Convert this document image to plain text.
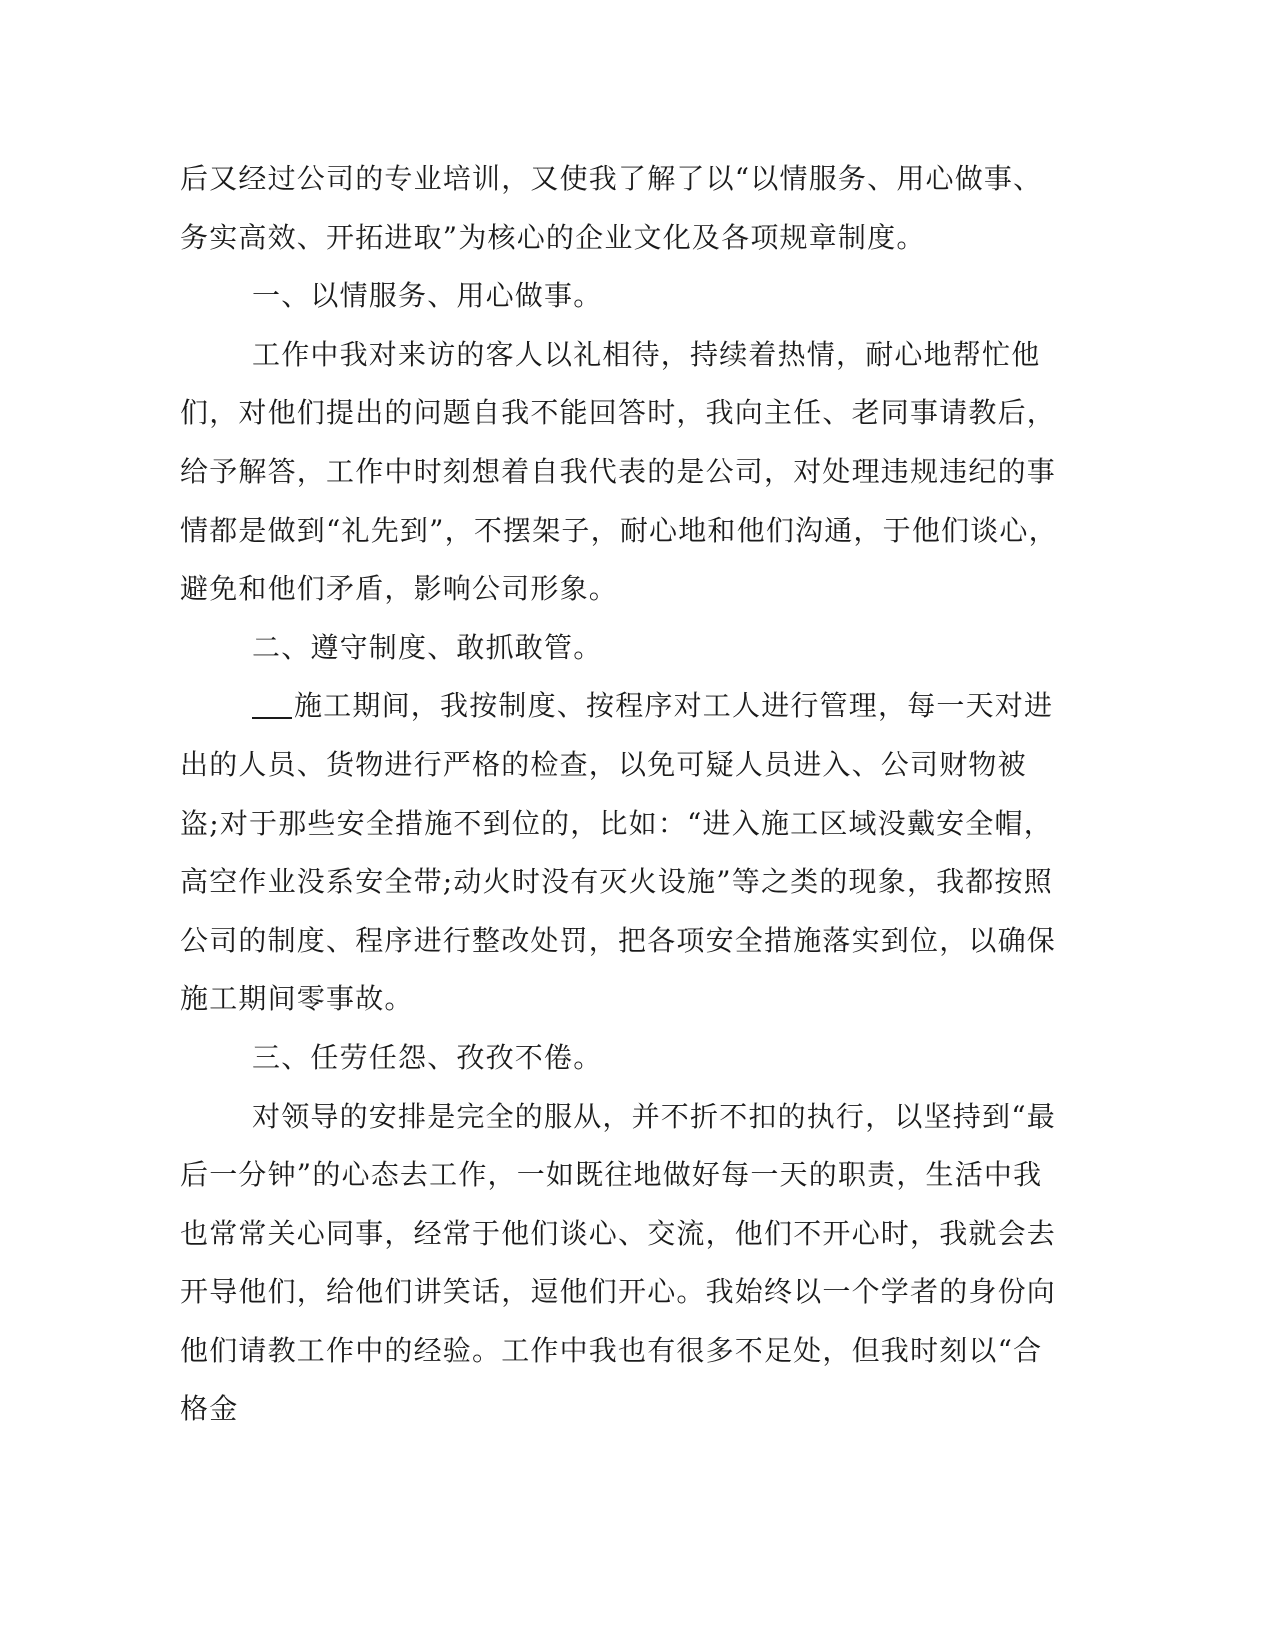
后又经过公司的专业培训，又使我了解了以“以情服务、用心做事、务实高效、开拓进取”为核心的企业文化及各项规章制度。

一、以情服务、用心做事。

工作中我对来访的客人以礼相待，持续着热情，耐心地帮忙他们，对他们提出的问题自我不能回答时，我向主任、老同事请教后，给予解答，工作中时刻想着自我代表的是公司，对处理违规违纪的事情都是做到“礼先到”，不摆架子，耐心地和他们沟通，于他们谈心，避免和他们矛盾，影响公司形象。

二、遵守制度、敢抓敢管。

施工期间，我按制度、按程序对工人进行管理，每一天对进出的人员、货物进行严格的检查，以免可疑人员进入、公司财物被盗;对于那些安全措施不到位的，比如：“进入施工区域没戴安全帽，高空作业没系安全带;动火时没有灭火设施”等之类的现象，我都按照公司的制度、程序进行整改处罚，把各项安全措施落实到位，以确保施工期间零事故。

三、任劳任怨、孜孜不倦。

对领导的安排是完全的服从，并不折不扣的执行，以坚持到“最后一分钟”的心态去工作，一如既往地做好每一天的职责，生活中我也常常关心同事，经常于他们谈心、交流，他们不开心时，我就会去开导他们，给他们讲笑话，逗他们开心。我始终以一个学者的身份向他们请教工作中的经验。工作中我也有很多不足处，但我时刻以“合格金
